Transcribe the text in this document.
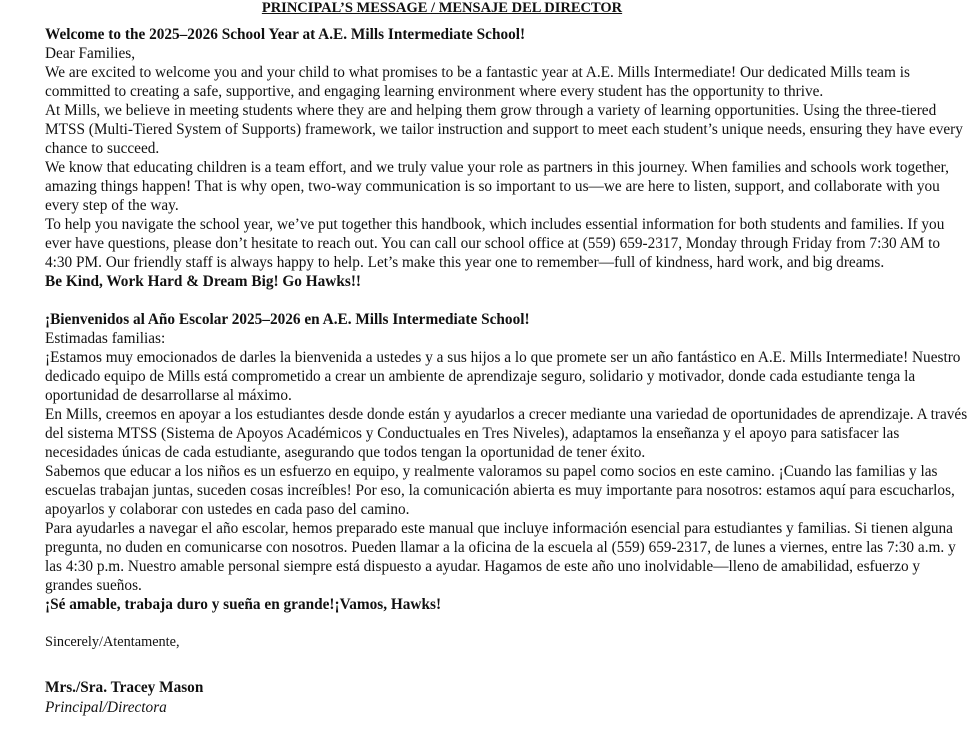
PRINCIPAL’S MESSAGE / MENSAJE DEL DIRECTOR

Welcome to the 2025–2026 School Year at A.E. Mills Intermediate School!

Dear Families,

We are excited to welcome you and your child to what promises to be a fantastic year at A.E. Mills Intermediate! Our dedicated Mills team is committed to creating a safe, supportive, and engaging learning environment where every student has the opportunity to thrive.

At Mills, we believe in meeting students where they are and helping them grow through a variety of learning opportunities. Using the three-tiered MTSS (Multi-Tiered System of Supports) framework, we tailor instruction and support to meet each student’s unique needs, ensuring they have every chance to succeed.

We know that educating children is a team effort, and we truly value your role as partners in this journey. When families and schools work together, amazing things happen! That is why open, two-way communication is so important to us—we are here to listen, support, and collaborate with you every step of the way.

To help you navigate the school year, we’ve put together this handbook, which includes essential information for both students and families. If you ever have questions, please don’t hesitate to reach out. You can call our school office at (559) 659-2317, Monday through Friday from 7:30 AM to 4:30 PM. Our friendly staff is always happy to help. Let’s make this year one to remember—full of kindness, hard work, and big dreams.

Be Kind, Work Hard & Dream Big! Go Hawks!!

¡Bienvenidos al Año Escolar 2025–2026 en A.E. Mills Intermediate School!

Estimadas familias:

¡Estamos muy emocionados de darles la bienvenida a ustedes y a sus hijos a lo que promete ser un año fantástico en A.E. Mills Intermediate! Nuestro dedicado equipo de Mills está comprometido a crear un ambiente de aprendizaje seguro, solidario y motivador, donde cada estudiante tenga la oportunidad de desarrollarse al máximo.

En Mills, creemos en apoyar a los estudiantes desde donde están y ayudarlos a crecer mediante una variedad de oportunidades de aprendizaje. A través del sistema MTSS (Sistema de Apoyos Académicos y Conductuales en Tres Niveles), adaptamos la enseñanza y el apoyo para satisfacer las necesidades únicas de cada estudiante, asegurando que todos tengan la oportunidad de tener éxito.

Sabemos que educar a los niños es un esfuerzo en equipo, y realmente valoramos su papel como socios en este camino. ¡Cuando las familias y las escuelas trabajan juntas, suceden cosas increíbles! Por eso, la comunicación abierta es muy importante para nosotros: estamos aquí para escucharlos, apoyarlos y colaborar con ustedes en cada paso del camino.

Para ayudarles a navegar el año escolar, hemos preparado este manual que incluye información esencial para estudiantes y familias. Si tienen alguna pregunta, no duden en comunicarse con nosotros. Pueden llamar a la oficina de la escuela al (559) 659-2317, de lunes a viernes, entre las 7:30 a.m. y las 4:30 p.m. Nuestro amable personal siempre está dispuesto a ayudar. Hagamos de este año uno inolvidable—lleno de amabilidad, esfuerzo y grandes sueños.

¡Sé amable, trabaja duro y sueña en grande!¡Vamos, Hawks!

Sincerely/Atentamente,

Mrs./Sra. Tracey Mason

Principal/Directora
